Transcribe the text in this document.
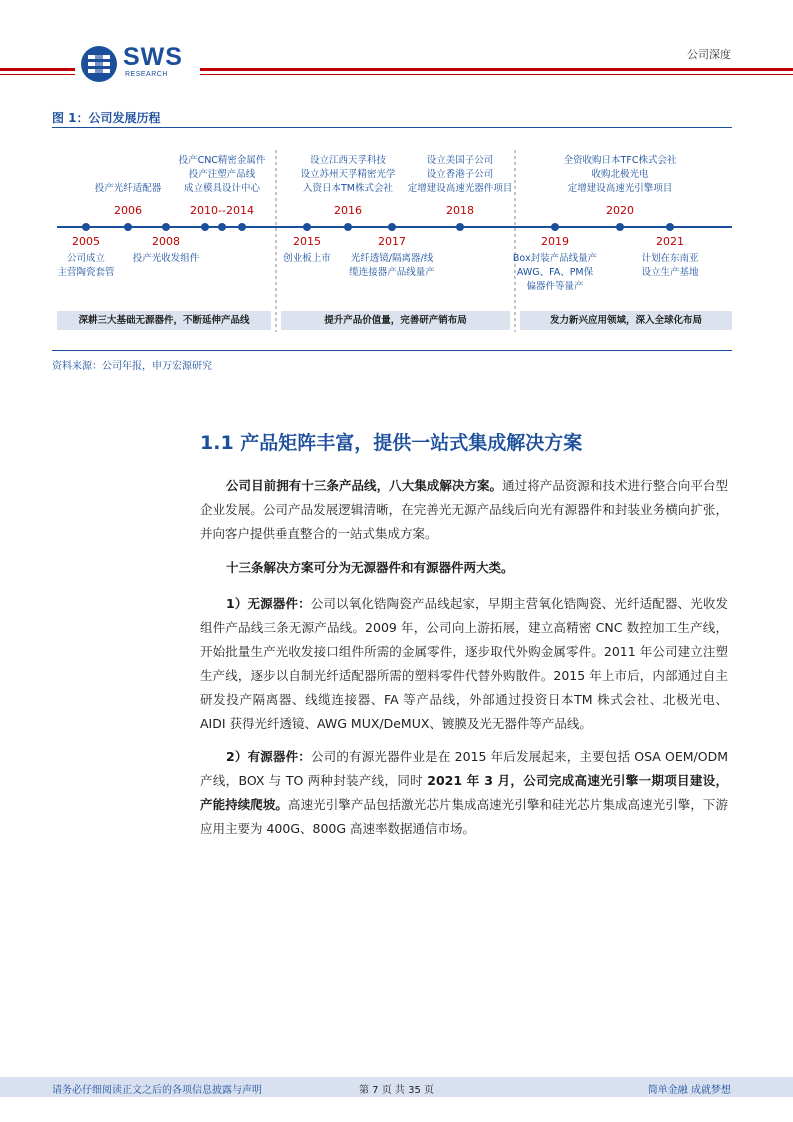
SWS
RESEARCH
公司深度
图 1：公司发展历程
2006
投产光纤适配器
2010--2014
投产CNC精密金属件
投产注塑产品线
成立模具设计中心
2016
设立江西天孚科技
设立苏州天孚精密光学
入资日本TM株式会社
2018
设立美国子公司
设立香港子公司
定增建设高速光器件项目
2020
全资收购日本TFC株式会社
收购北极光电
定增建设高速光引擎项目
2005
公司成立
主营陶瓷套管
2008
投产光收发组件
2015
创业板上市
2017
光纤透镜/隔离器/线
缆连接器产品线量产
2019
Box封装产品线量产
AWG、FA、PM保
偏器件等量产
2021
计划在东南亚
设立生产基地
深耕三大基础无源器件，不断延伸产品线	提升产品价值量，完善研产销布局	发力新兴应用领域，深入全球化布局
资料来源：公司年报，申万宏源研究
1.1 产品矩阵丰富，提供一站式集成解决方案
公司目前拥有十三条产品线，八大集成解决方案。通过将产品资源和技术进行整合向平台型企业发展。公司产品发展逻辑清晰，在完善光无源产品线后向光有源器件和封装业务横向扩张，并向客户提供垂直整合的一站式集成方案。
十三条解决方案可分为无源器件和有源器件两大类。
1）无源器件：公司以氧化锆陶瓷产品线起家，早期主营氧化锆陶瓷、光纤适配器、光收发组件产品线三条无源产品线。2009 年，公司向上游拓展，建立高精密 CNC 数控加工生产线，开始批量生产光收发接口组件所需的金属零件，逐步取代外购金属零件。2011 年公司建立注塑生产线，逐步以自制光纤适配器所需的塑料零件代替外购散件。2015 年上市后，内部通过自主研发投产隔离器、线缆连接器、FA 等产品线，外部通过投资日本TM 株式会社、北极光电、AIDI 获得光纤透镜、AWG MUX/DeMUX、镀膜及光无器件等产品线。
2）有源器件：公司的有源光器件业是在 2015 年后发展起来，主要包括 OSA OEM/ODM 产线，BOX 与 TO 两种封装产线，同时 2021 年 3 月，公司完成高速光引擎一期项目建设，产能持续爬坡。高速光引擎产品包括激光芯片集成高速光引擎和硅光芯片集成高速光引擎，下游应用主要为 400G、800G 高速率数据通信市场。
请务必仔细阅读正文之后的各项信息披露与声明	第 7 页 共 35 页	简单金融 成就梦想
